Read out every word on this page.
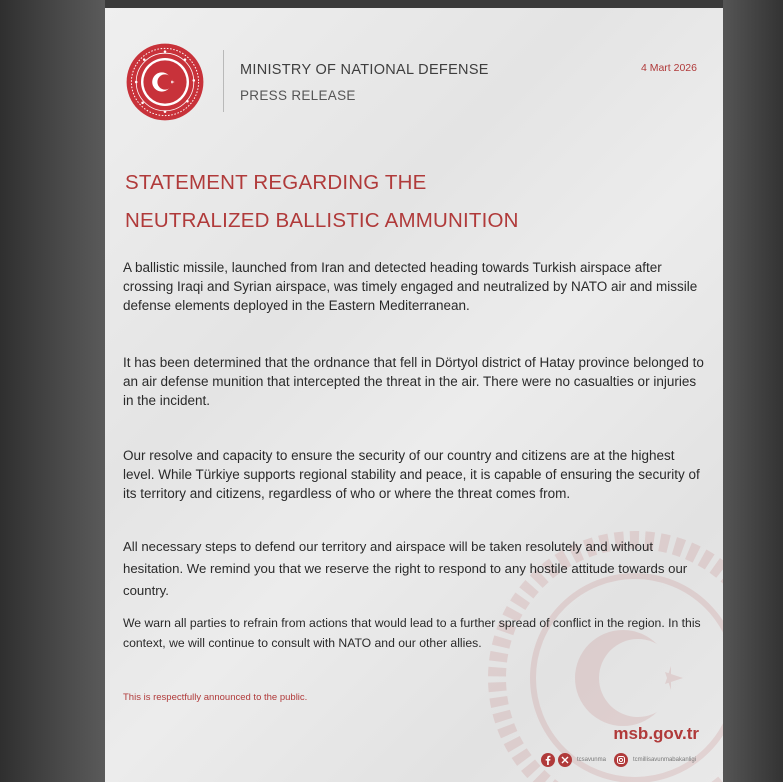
MINISTRY OF NATIONAL DEFENSE
PRESS RELEASE
4 Mart 2026
STATEMENT REGARDING THE
NEUTRALIZED BALLISTIC AMMUNITION
A ballistic missile, launched from Iran and detected heading towards Turkish airspace after crossing Iraqi and Syrian airspace, was timely engaged and neutralized by NATO air and missile defense elements deployed in the Eastern Mediterranean.
It has been determined that the ordnance that fell in Dörtyol district of Hatay province belonged to an air defense munition that intercepted the threat in the air. There were no casualties or injuries in the incident.
Our resolve and capacity to ensure the security of our country and citizens are at the highest level. While Türkiye supports regional stability and peace, it is capable of ensuring the security of its territory and citizens, regardless of who or where the threat comes from.
All necessary steps to defend our territory and airspace will be taken resolutely and without hesitation. We remind you that we reserve the right to respond to any hostile attitude towards our country.
We warn all parties to refrain from actions that would lead to a further spread of conflict in the region. In this context, we will continue to consult with NATO and our other allies.
This is respectfully announced to the public.
msb.gov.tr
tcsavunma	tcmillisavunmabakanligi
